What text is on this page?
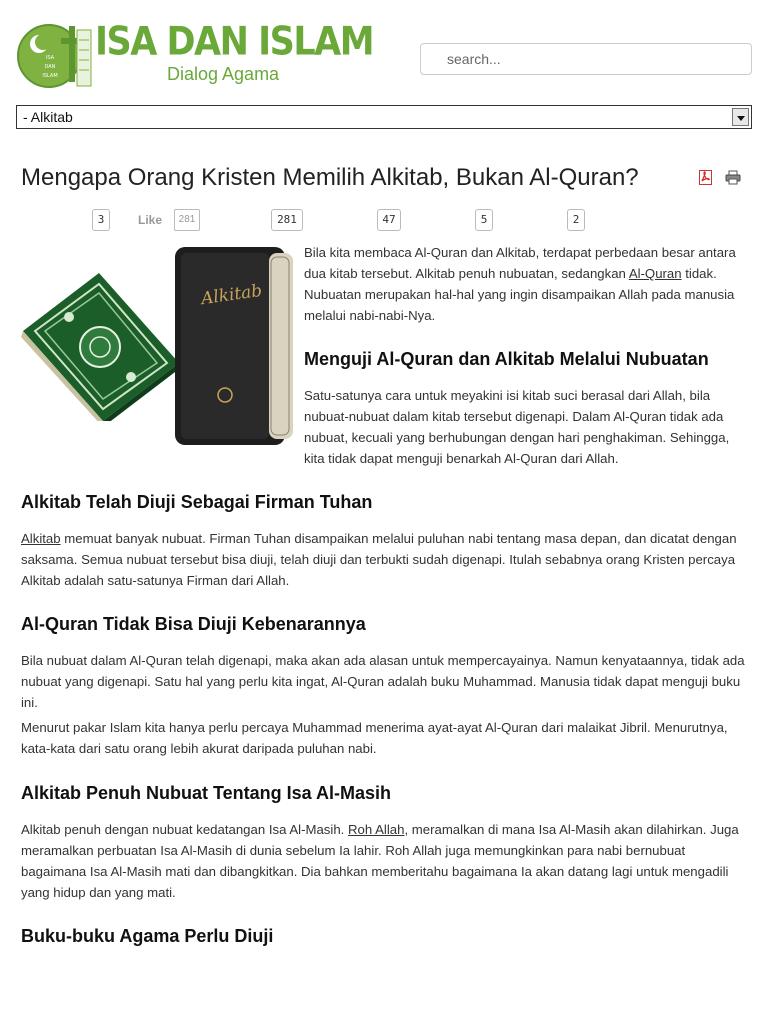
ISA
DAN
ISLAM
ISA DAN ISLAM
Dialog Agama
search...
- Alkitab
Mengapa Orang Kristen Memilih Alkitab, Bukan Al-Quran?
3	Like	281	281	47	5	2
Alkitab

Bila kita membaca Al-Quran dan Alkitab, terdapat perbedaan besar antara dua kitab tersebut. Alkitab penuh nubuatan, sedangkan Al-Quran tidak. Nubuatan merupakan hal-hal yang ingin disampaikan Allah pada manusia melalui nabi-nabi-Nya.

Menguji Al-Quran dan Alkitab Melalui Nubuatan

Satu-satunya cara untuk meyakini isi kitab suci berasal dari Allah, bila nubuat-nubuat dalam kitab tersebut digenapi. Dalam Al-Quran tidak ada nubuat, kecuali yang berhubungan dengan hari penghakiman. Sehingga, kita tidak dapat menguji benarkah Al-Quran dari Allah.

Alkitab Telah Diuji Sebagai Firman Tuhan

Alkitab memuat banyak nubuat. Firman Tuhan disampaikan melalui puluhan nabi tentang masa depan, dan dicatat dengan saksama. Semua nubuat tersebut bisa diuji, telah diuji dan terbukti sudah digenapi. Itulah sebabnya orang Kristen percaya Alkitab adalah satu-satunya Firman dari Allah.

Al-Quran Tidak Bisa Diuji Kebenarannya

Bila nubuat dalam Al-Quran telah digenapi, maka akan ada alasan untuk mempercayainya. Namun kenyataannya, tidak ada nubuat yang digenapi. Satu hal yang perlu kita ingat, Al-Quran adalah buku Muhammad. Manusia tidak dapat menguji buku ini.

Menurut pakar Islam kita hanya perlu percaya Muhammad menerima ayat-ayat Al-Quran dari malaikat Jibril. Menurutnya, kata-kata dari satu orang lebih akurat daripada puluhan nabi.

Alkitab Penuh Nubuat Tentang Isa Al-Masih

Alkitab penuh dengan nubuat kedatangan Isa Al-Masih. Roh Allah, meramalkan di mana Isa Al-Masih akan dilahirkan. Juga meramalkan perbuatan Isa Al-Masih di dunia sebelum Ia lahir. Roh Allah juga memungkinkan para nabi bernubuat bagaimana Isa Al-Masih mati dan dibangkitkan. Dia bahkan memberitahu bagaimana Ia akan datang lagi untuk mengadili yang hidup dan yang mati.

Buku-buku Agama Perlu Diuji
